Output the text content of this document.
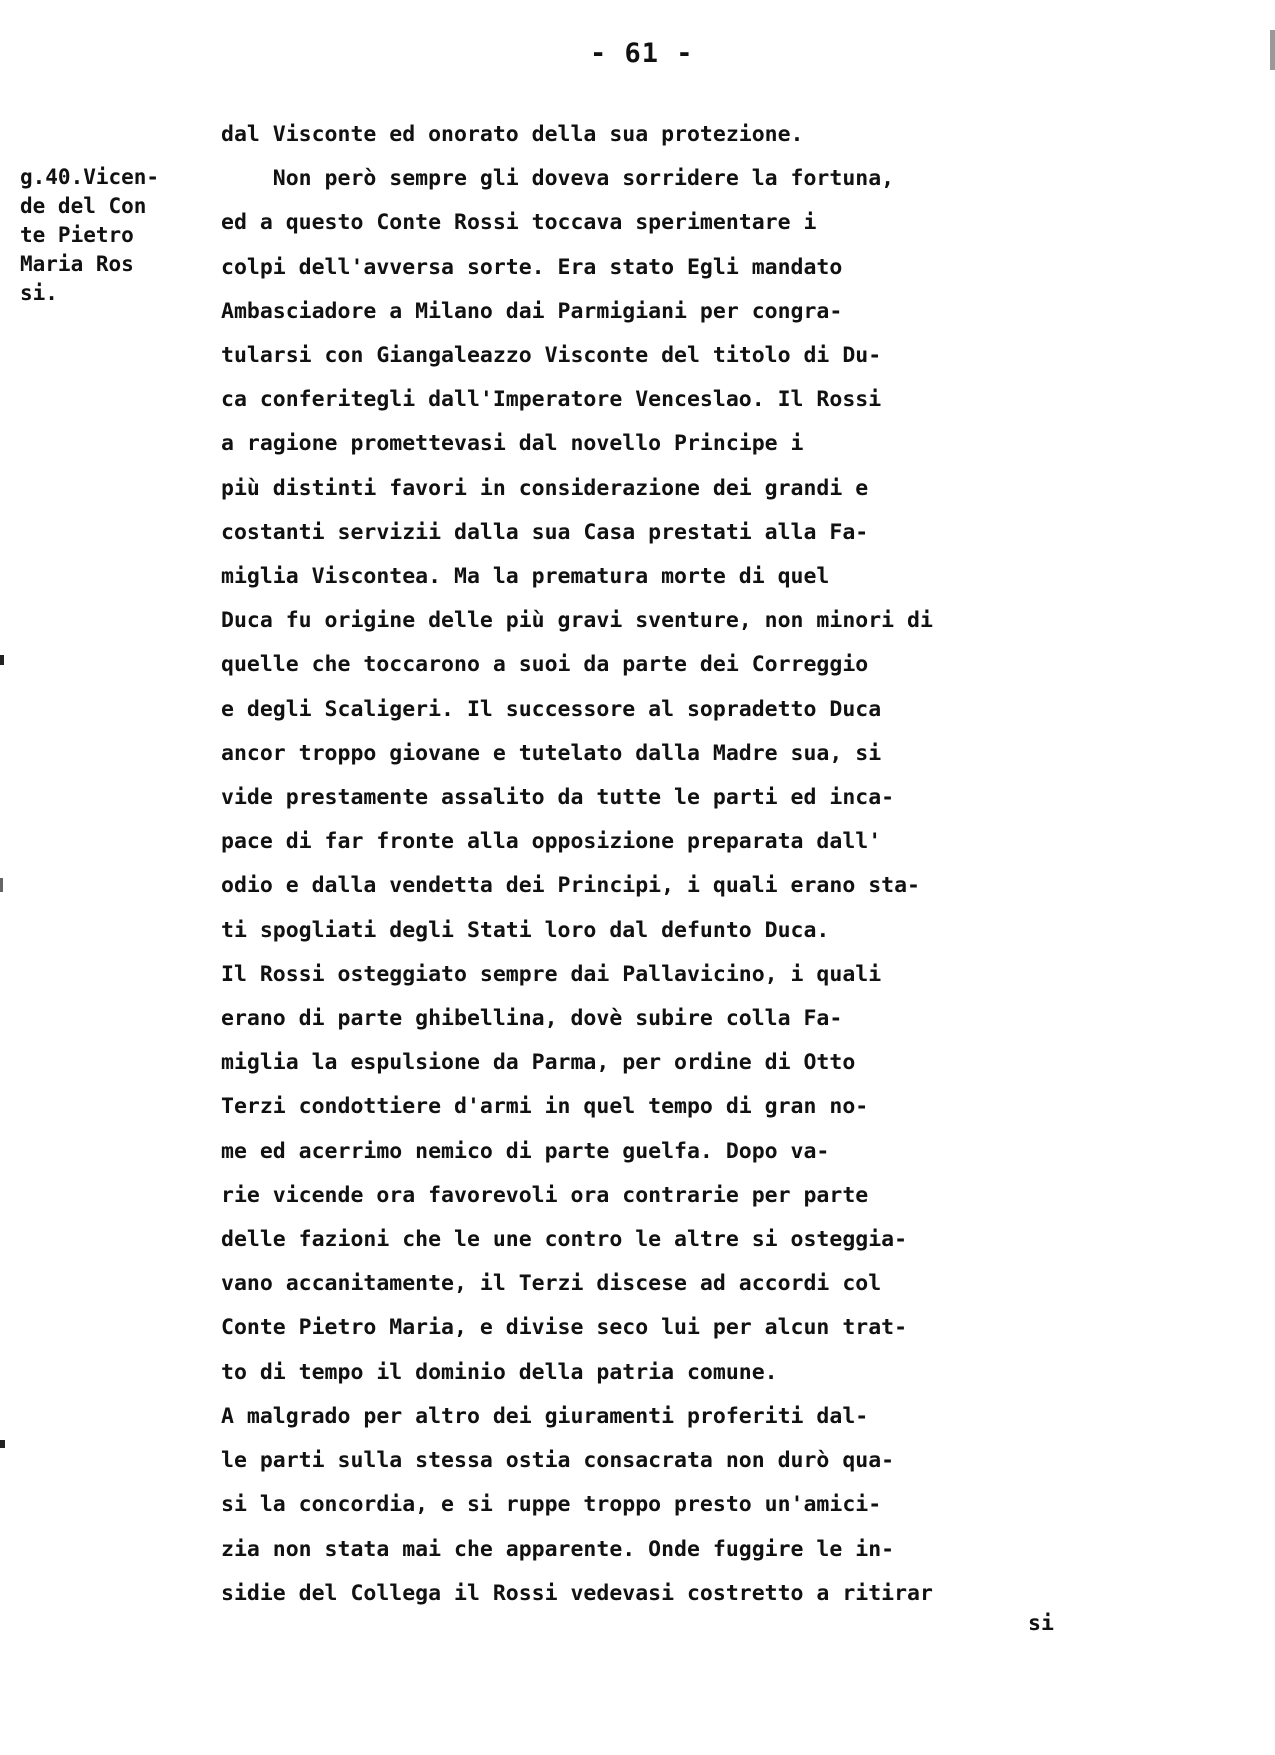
- 61 -
g.40.Vicen-
de del Con
te Pietro
Maria Ros
si.
dal Visconte ed onorato della sua protezione.
Non però sempre gli doveva sorridere la fortuna,
ed a questo Conte Rossi toccava sperimentare i
colpi dell'avversa sorte. Era stato Egli mandato
Ambasciadore a Milano dai Parmigiani per congra-
tularsi con Giangaleazzo Visconte del titolo di Du-
ca conferitegli dall'Imperatore Venceslao. Il Rossi
a ragione promettevasi dal novello Principe i
più distinti favori in considerazione dei grandi e
costanti servizii dalla sua Casa prestati alla Fa-
miglia Viscontea. Ma la prematura morte di quel
Duca fu origine delle più gravi sventure, non minori di
quelle che toccarono a suoi da parte dei Correggio
e degli Scaligeri. Il successore al sopradetto Duca
ancor troppo giovane e tutelato dalla Madre sua, si
vide prestamente assalito da tutte le parti ed inca-
pace di far fronte alla opposizione preparata dall'
odio e dalla vendetta dei Principi, i quali erano sta-
ti spogliati degli Stati loro dal defunto Duca.
Il Rossi osteggiato sempre dai Pallavicino, i quali
erano di parte ghibellina, dovè subire colla Fa-
miglia la espulsione da Parma, per ordine di Otto
Terzi condottiere d'armi in quel tempo di gran no-
me ed acerrimo nemico di parte guelfa. Dopo va-
rie vicende ora favorevoli ora contrarie per parte
delle fazioni che le une contro le altre si osteggia-
vano accanitamente, il Terzi discese ad accordi col
Conte Pietro Maria, e divise seco lui per alcun trat-
to di tempo il dominio della patria comune.
A malgrado per altro dei giuramenti proferiti dal-
le parti sulla stessa ostia consacrata non durò qua-
si la concordia, e si ruppe troppo presto un'amici-
zia non stata mai che apparente. Onde fuggire le in-
sidie del Collega il Rossi vedevasi costretto a ritirar
si
